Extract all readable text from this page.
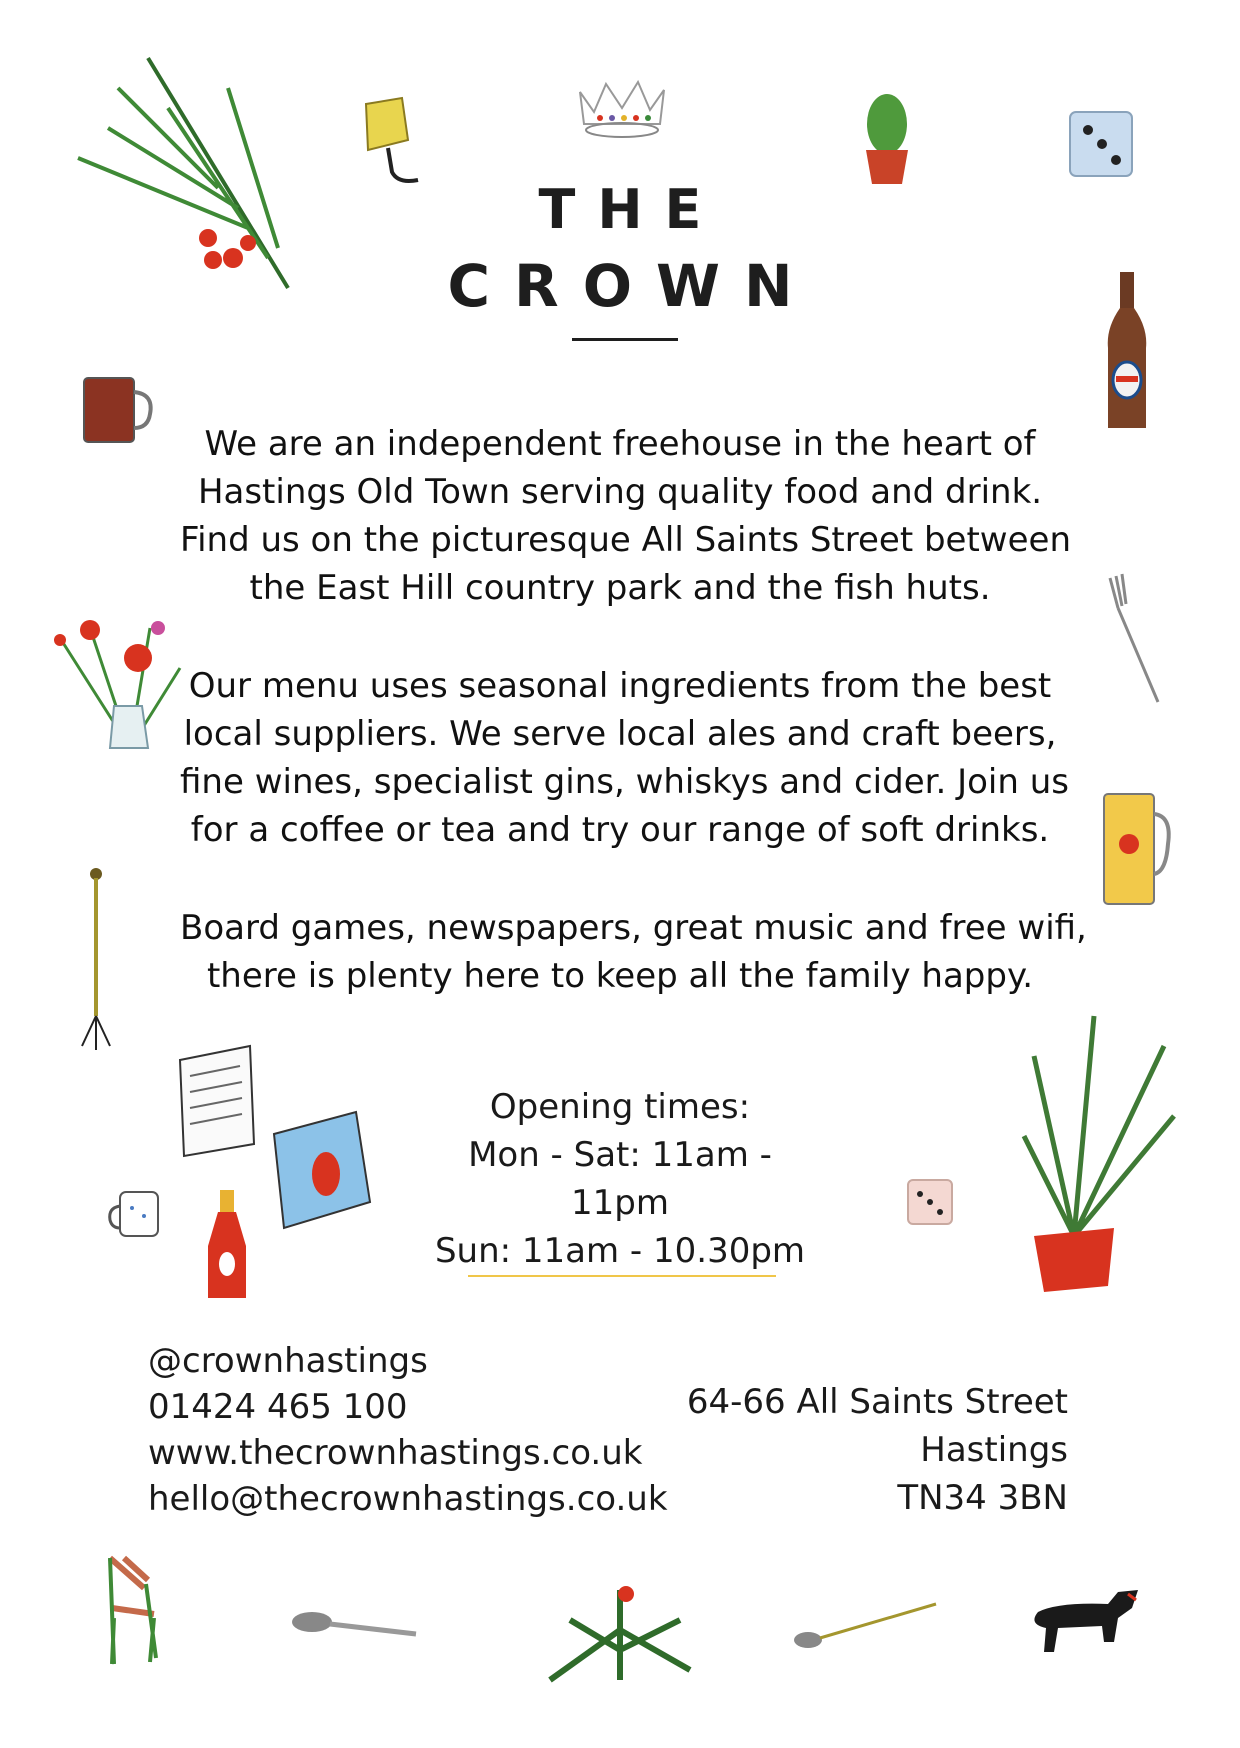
THE
CROWN
We are an independent freehouse in the heart of
Hastings Old Town serving quality food and drink.
Find us on the picturesque All Saints Street between
the East Hill country park and the fish huts.
Our menu uses seasonal ingredients from the best
local suppliers. We serve local ales and craft beers,
fine wines, specialist gins, whiskys and cider. Join us
for a coffee or tea and try our range of soft drinks.
Board games, newspapers, great music and free wifi,
there is plenty here to keep all the family happy.
Opening times:
Mon - Sat: 11am - 11pm
Sun: 11am - 10.30pm
@crownhastings
01424 465 100
www.thecrownhastings.co.uk
hello@thecrownhastings.co.uk
64-66 All Saints Street
Hastings
TN34 3BN
